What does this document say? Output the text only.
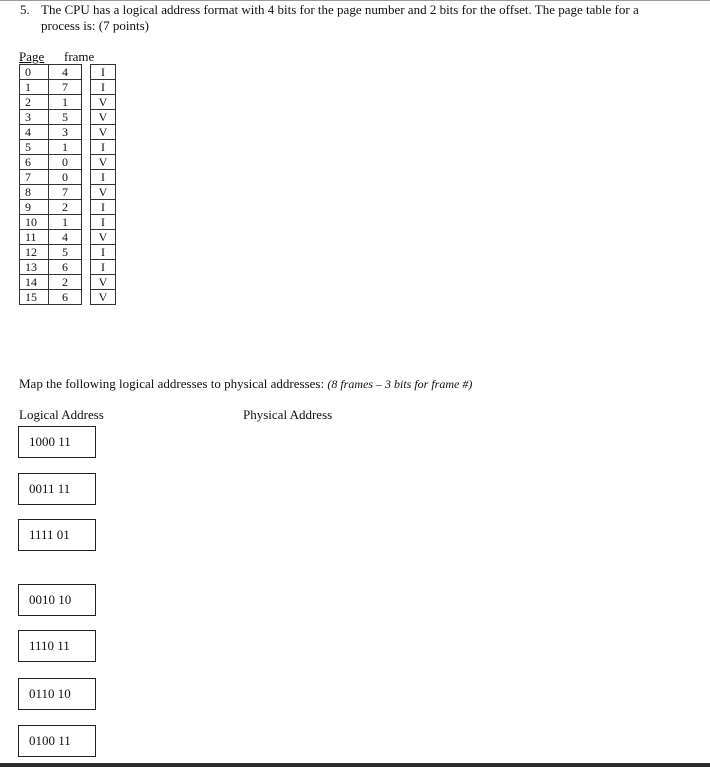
5. The CPU has a logical address format with 4 bits for the page number and 2 bits for the offset. The page table for a
process is: (7 points)
Page frame
0	4		I
1	7		I
2	1		V
3	5		V
4	3		V
5	1		I
6	0		V
7	0		I
8	7		V
9	2		I
10	1		I
11	4		V
12	5		I
13	6		I
14	2		V
15	6		V
Map the following logical addresses to physical addresses: (8 frames – 3 bits for frame #)
Logical Address	Physical Address
1000 11
0011 11
1111 01
0010 10
1110 11
0110 10
0100 11
